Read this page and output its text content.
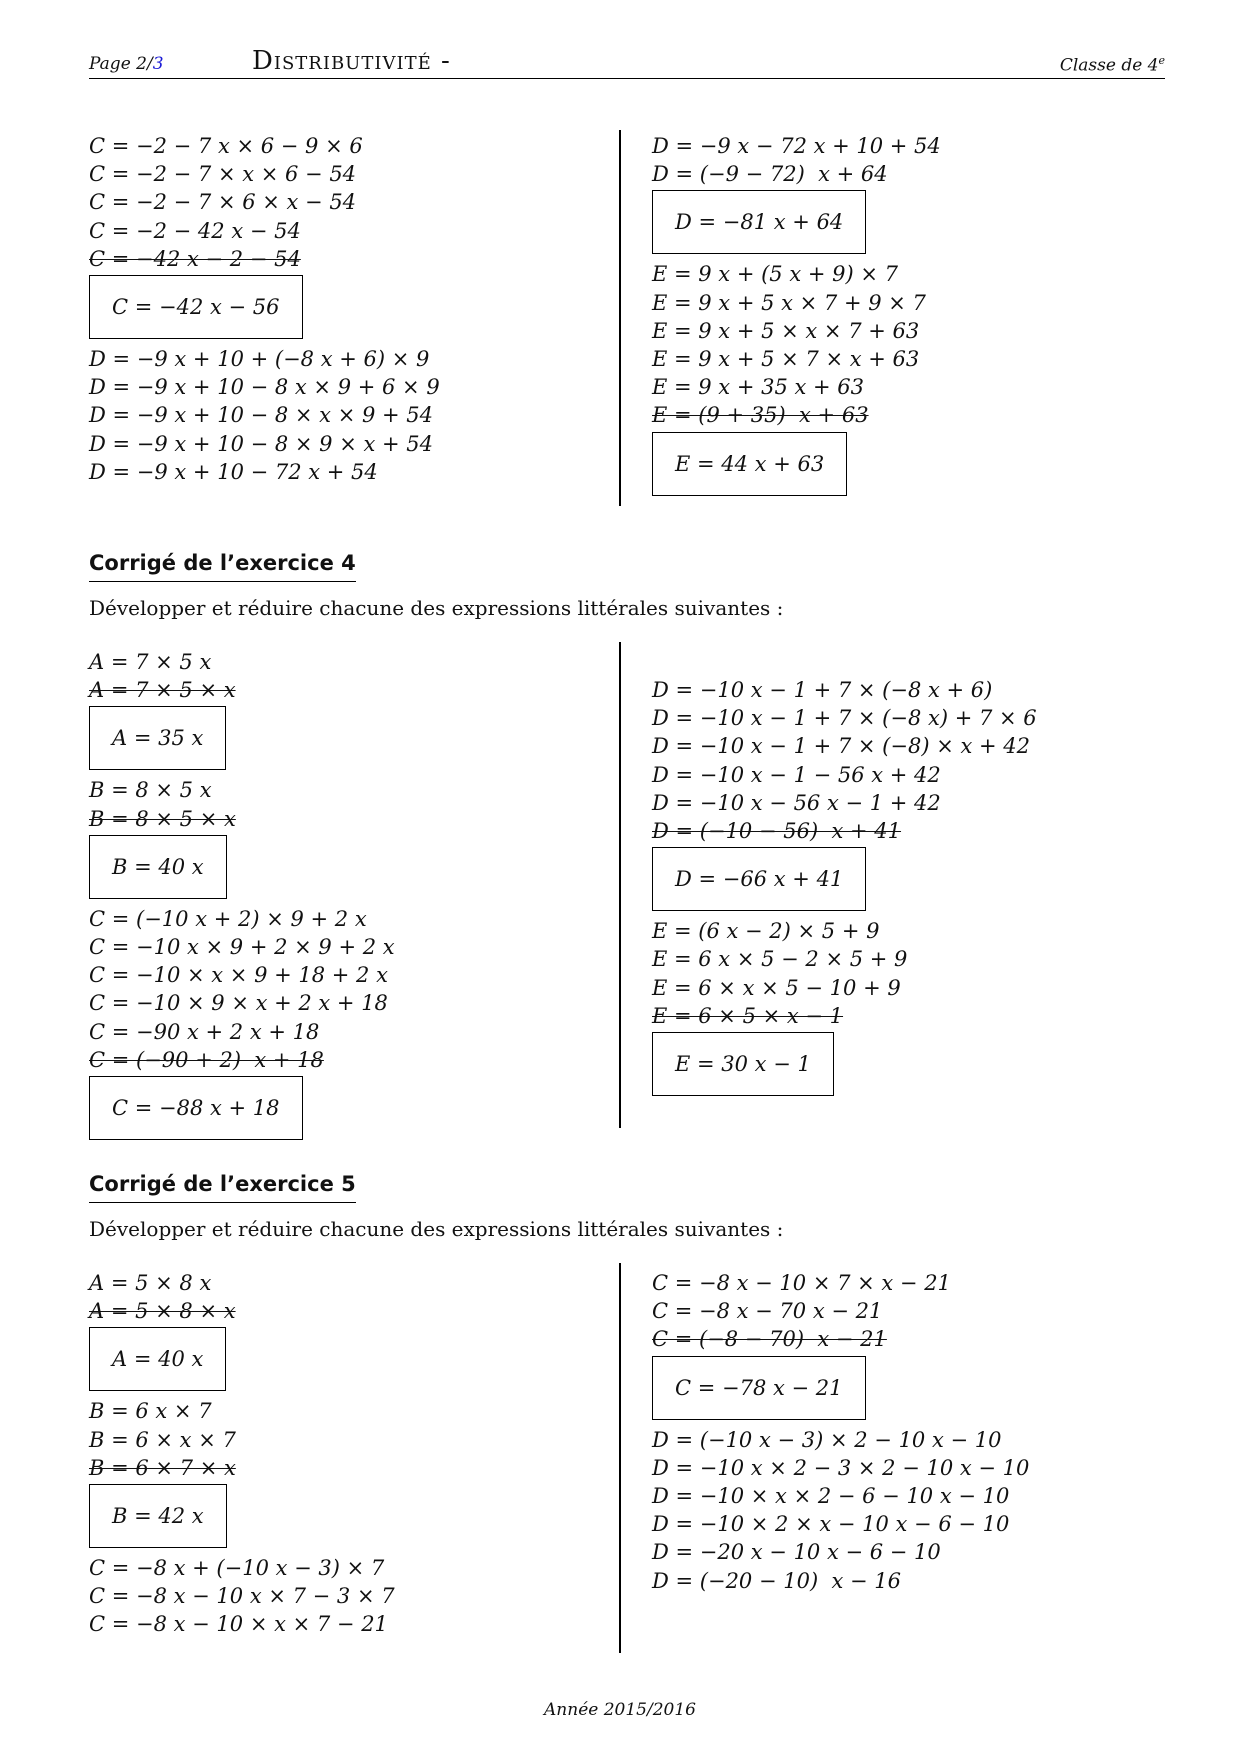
Page 2/3	Distributivité -	Classe de 4e
C = −2 − 7 x × 6 − 9 × 6
C = −2 − 7 × x × 6 − 54
C = −2 − 7 × 6 × x − 54
C = −2 − 42 x − 54
C = −42 x − 2 − 54
C = −42 x − 56
D = −9 x + 10 + (−8 x + 6) × 9
D = −9 x + 10 − 8 x × 9 + 6 × 9
D = −9 x + 10 − 8 × x × 9 + 54
D = −9 x + 10 − 8 × 9 × x + 54
D = −9 x + 10 − 72 x + 54
D = −9 x − 72 x + 10 + 54
D = (−9 − 72)  x + 64
D = −81 x + 64
E = 9 x + (5 x + 9) × 7
E = 9 x + 5 x × 7 + 9 × 7
E = 9 x + 5 × x × 7 + 63
E = 9 x + 5 × 7 × x + 63
E = 9 x + 35 x + 63
E = (9 + 35)  x + 63
E = 44 x + 63
Corrigé de l’exercice 4
Développer et réduire chacune des expressions littérales suivantes :
A = 7 × 5 x
A = 7 × 5 × x
A = 35 x
B = 8 × 5 x
B = 8 × 5 × x
B = 40 x
C = (−10 x + 2) × 9 + 2 x
C = −10 x × 9 + 2 × 9 + 2 x
C = −10 × x × 9 + 18 + 2 x
C = −10 × 9 × x + 2 x + 18
C = −90 x + 2 x + 18
C = (−90 + 2)  x + 18
C = −88 x + 18
D = −10 x − 1 + 7 × (−8 x + 6)
D = −10 x − 1 + 7 × (−8 x) + 7 × 6
D = −10 x − 1 + 7 × (−8) × x + 42
D = −10 x − 1 − 56 x + 42
D = −10 x − 56 x − 1 + 42
D = (−10 − 56)  x + 41
D = −66 x + 41
E = (6 x − 2) × 5 + 9
E = 6 x × 5 − 2 × 5 + 9
E = 6 × x × 5 − 10 + 9
E = 6 × 5 × x − 1
E = 30 x − 1
Corrigé de l’exercice 5
Développer et réduire chacune des expressions littérales suivantes :
A = 5 × 8 x
A = 5 × 8 × x
A = 40 x
B = 6 x × 7
B = 6 × x × 7
B = 6 × 7 × x
B = 42 x
C = −8 x + (−10 x − 3) × 7
C = −8 x − 10 x × 7 − 3 × 7
C = −8 x − 10 × x × 7 − 21
C = −8 x − 10 × 7 × x − 21
C = −8 x − 70 x − 21
C = (−8 − 70)  x − 21
C = −78 x − 21
D = (−10 x − 3) × 2 − 10 x − 10
D = −10 x × 2 − 3 × 2 − 10 x − 10
D = −10 × x × 2 − 6 − 10 x − 10
D = −10 × 2 × x − 10 x − 6 − 10
D = −20 x − 10 x − 6 − 10
D = (−20 − 10)  x − 16
Année 2015/2016
